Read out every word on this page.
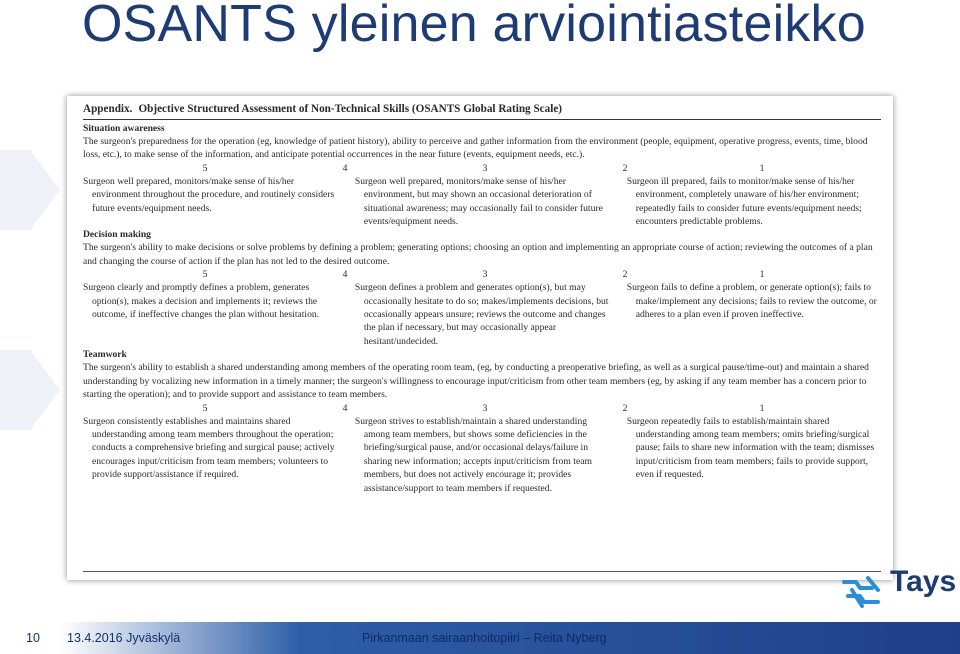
OSANTS yleinen arviointiasteikko
Appendix. Objective Structured Assessment of Non-Technical Skills (OSANTS Global Rating Scale)
Situation awareness
The surgeon's preparedness for the operation (eg, knowledge of patient history), ability to perceive and gather information from the environment (people, equipment, operative progress, events, time, blood loss, etc.), to make sense of the information, and anticipate potential occurrences in the near future (events, equipment needs, etc.).
5	4	3	2	1
Surgeon well prepared, monitors/make sense of his/her environment throughout the procedure, and routinely considers future events/equipment needs.
Surgeon well prepared, monitors/make sense of his/her environment, but may shown an occasional deterioration of situational awareness; may occasionally fail to consider future events/equipment needs.
Surgeon ill prepared, fails to monitor/make sense of his/her environment, completely unaware of his/her environment; repeatedly fails to consider future events/equipment needs; encounters predictable problems.
Decision making
The surgeon's ability to make decisions or solve problems by defining a problem; generating options; choosing an option and implementing an appropriate course of action; reviewing the outcomes of a plan and changing the course of action if the plan has not led to the desired outcome.
5	4	3	2	1
Surgeon clearly and promptly defines a problem, generates option(s), makes a decision and implements it; reviews the outcome, if ineffective changes the plan without hesitation.
Surgeon defines a problem and generates option(s), but may occasionally hesitate to do so; makes/implements decisions, but occasionally appears unsure; reviews the outcome and changes the plan if necessary, but may occasionally appear hesitant/undecided.
Surgeon fails to define a problem, or generate option(s); fails to make/implement any decisions; fails to review the outcome, or adheres to a plan even if proven ineffective.
Teamwork
The surgeon's ability to establish a shared understanding among members of the operating room team, (eg, by conducting a preoperative briefing, as well as a surgical pause/time-out) and maintain a shared understanding by vocalizing new information in a timely manner; the surgeon's willingness to encourage input/criticism from other team members (eg, by asking if any team member has a concern prior to starting the operation); and to provide support and assistance to team members.
5	4	3	2	1
Surgeon consistently establishes and maintains shared understanding among team members throughout the operation; conducts a comprehensive briefing and surgical pause; actively encourages input/criticism from team members; volunteers to provide support/assistance if required.
Surgeon strives to establish/maintain a shared understanding among team members, but shows some deficiencies in the briefing/surgical pause, and/or occasional delays/failure in sharing new information; accepts input/criticism from team members, but does not actively encourage it; provides assistance/support to team members if requested.
Surgeon repeatedly fails to establish/maintain shared understanding among team members; omits briefing/surgical pause; fails to share new information with the team; dismisses input/criticism from team members; fails to provide support, even if requested.
Tays
10 13.4.2016 Jyväskylä	Pirkanmaan sairaanhoitopiiri – Reita Nyberg
